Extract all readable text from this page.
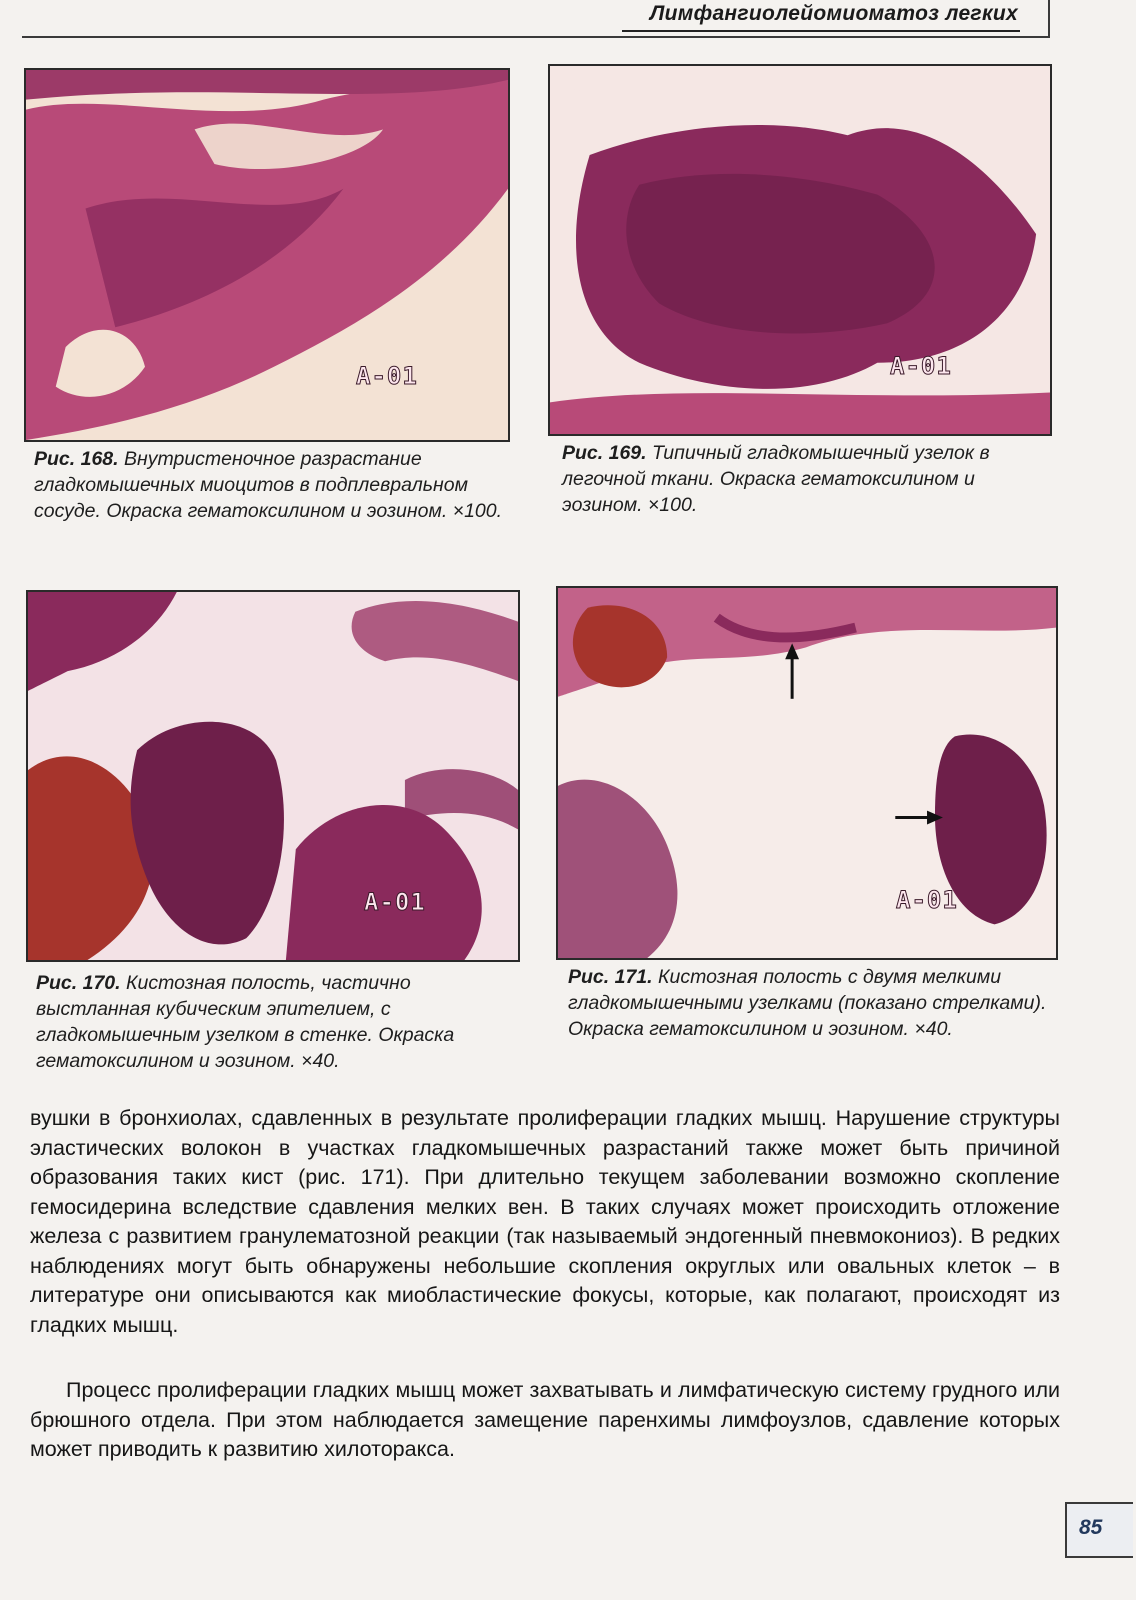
Лимфангиолейомиоматоз легких
A-01

Рис. 168. Внутристеночное разрастание гладкомышечных миоцитов в подплевральном сосуде. Окраска гематоксилином и эозином. ×100.

A-01

Рис. 169. Типичный гладкомышечный узелок в легочной ткани. Окраска гематоксилином и эозином. ×100.

A-01

Рис. 170. Кистозная полость, частично выстланная кубическим эпителием, с гладкомышечным узелком в стенке. Окраска гематоксилином и эозином. ×40.

A-01

Рис. 171. Кистозная полость с двумя мелкими гладкомышечными узелками (показано стрелками). Окраска гематоксилином и эозином. ×40.

вушки в бронхиолах, сдавленных в результате пролиферации гладких мышц. Нарушение структуры эластических волокон в участках гладкомышечных разрастаний также может быть причиной образования таких кист (рис. 171). При длительно текущем заболевании возможно скопление гемосидерина вследствие сдавления мелких вен. В таких случаях может происходить отложение железа с развитием гранулематозной реакции (так называемый эндогенный пневмокониоз). В редких наблюдениях могут быть обнаружены небольшие скопления округлых или овальных клеток – в литературе они описываются как миобластические фокусы, которые, как полагают, происходят из гладких мышц.

Процесс пролиферации гладких мышц может захватывать и лимфатическую систему грудного или брюшного отдела. При этом наблюдается замещение паренхимы лимфоузлов, сдавление которых может приводить к развитию хилоторакса.

85
